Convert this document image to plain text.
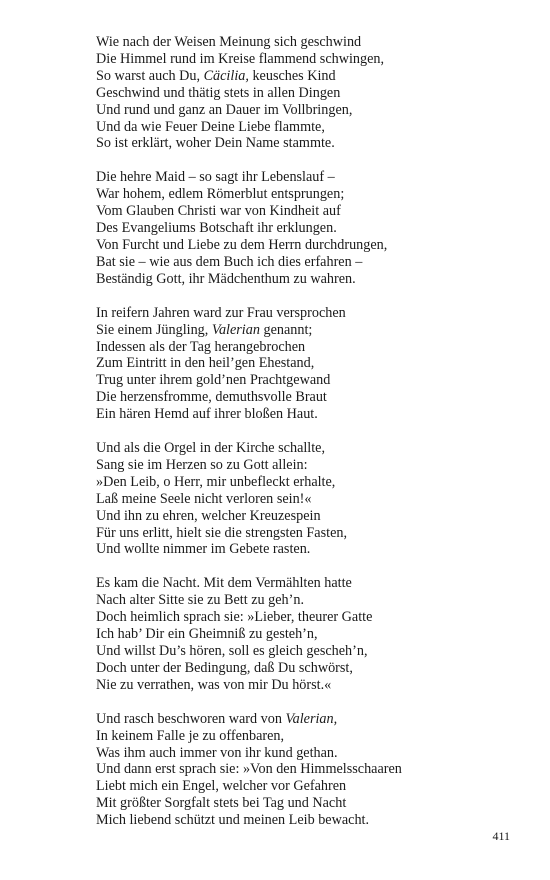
Wie nach der Weisen Meinung sich geschwind
Die Himmel rund im Kreise flammend schwingen,
So warst auch Du, Cäcilia, keusches Kind
Geschwind und thätig stets in allen Dingen
Und rund und ganz an Dauer im Vollbringen,
Und da wie Feuer Deine Liebe flammte,
So ist erklärt, woher Dein Name stammte.
Die hehre Maid – so sagt ihr Lebenslauf –
War hohem, edlem Römerblut entsprungen;
Vom Glauben Christi war von Kindheit auf
Des Evangeliums Botschaft ihr erklungen.
Von Furcht und Liebe zu dem Herrn durchdrungen,
Bat sie – wie aus dem Buch ich dies erfahren –
Beständig Gott, ihr Mädchenthum zu wahren.
In reifern Jahren ward zur Frau versprochen
Sie einem Jüngling, Valerian genannt;
Indessen als der Tag herangebrochen
Zum Eintritt in den heil’gen Ehestand,
Trug unter ihrem gold’nen Prachtgewand
Die herzensfromme, demuthsvolle Braut
Ein hären Hemd auf ihrer bloßen Haut.
Und als die Orgel in der Kirche schallte,
Sang sie im Herzen so zu Gott allein:
»Den Leib, o Herr, mir unbefleckt erhalte,
Laß meine Seele nicht verloren sein!«
Und ihn zu ehren, welcher Kreuzespein
Für uns erlitt, hielt sie die strengsten Fasten,
Und wollte nimmer im Gebete rasten.
Es kam die Nacht. Mit dem Vermählten hatte
Nach alter Sitte sie zu Bett zu geh’n.
Doch heimlich sprach sie: »Lieber, theurer Gatte
Ich hab’ Dir ein Gheimniß zu gesteh’n,
Und willst Du’s hören, soll es gleich gescheh’n,
Doch unter der Bedingung, daß Du schwörst,
Nie zu verrathen, was von mir Du hörst.«
Und rasch beschworen ward von Valerian,
In keinem Falle je zu offenbaren,
Was ihm auch immer von ihr kund gethan.
Und dann erst sprach sie: »Von den Himmelsschaaren
Liebt mich ein Engel, welcher vor Gefahren
Mit größter Sorgfalt stets bei Tag und Nacht
Mich liebend schützt und meinen Leib bewacht.
411
